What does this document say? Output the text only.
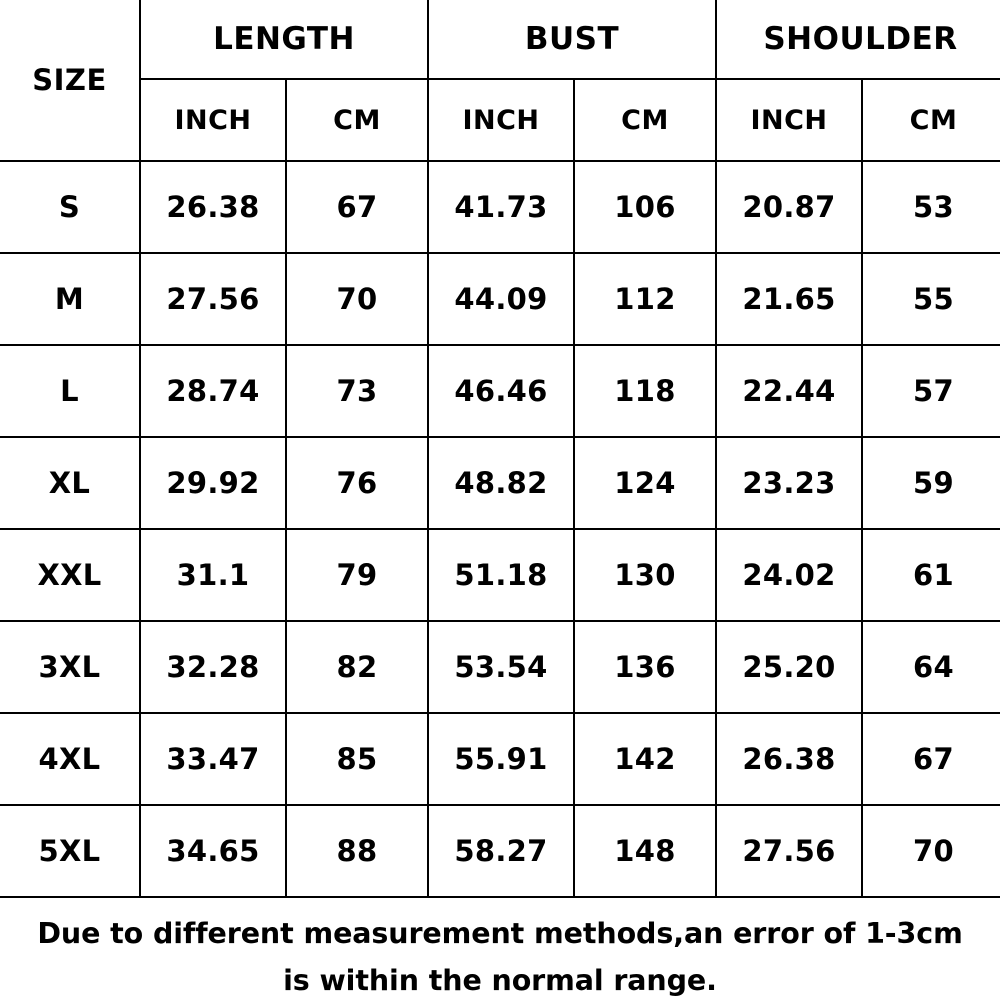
SIZE	LENGTH		BUST		SHOULDER	
	INCH	CM	INCH	CM	INCH	CM
S	26.38	67	41.73	106	20.87	53
M	27.56	70	44.09	112	21.65	55
L	28.74	73	46.46	118	22.44	57
XL	29.92	76	48.82	124	23.23	59
XXL	31.1	79	51.18	130	24.02	61
3XL	32.28	82	53.54	136	25.20	64
4XL	33.47	85	55.91	142	26.38	67
5XL	34.65	88	58.27	148	27.56	70
Due to different measurement methods,an error of 1-3cm
is within the normal range.
